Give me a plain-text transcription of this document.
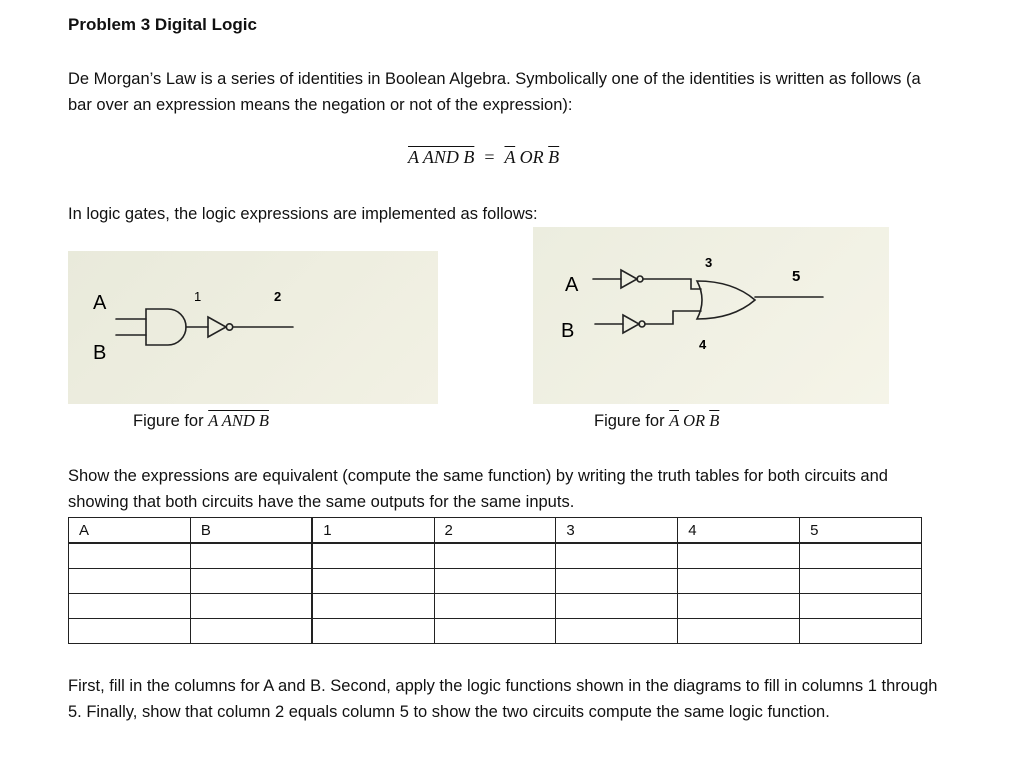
Problem 3 Digital Logic
De Morgan’s Law is a series of identities in Boolean Algebra. Symbolically one of the identities is written as follows (a bar over an expression means the negation or not of the expression):
A AND $B = \overline{A}$ OR $\overline{B}$
In logic gates, the logic expressions are implemented as follows:
A
B
1	2
A
B
3
4
5
Figure for A AND B	Figure for $\overline{A}$ OR $\overline{B}$
Show the expressions are equivalent (compute the same function) by writing the truth tables for both circuits and showing that both circuits have the same outputs for the same inputs.
A	B	1	2	3	4	5

First, fill in the columns for A and B. Second, apply the logic functions shown in the diagrams to fill in columns 1 through 5. Finally, show that column 2 equals column 5 to show the two circuits compute the same logic function.
